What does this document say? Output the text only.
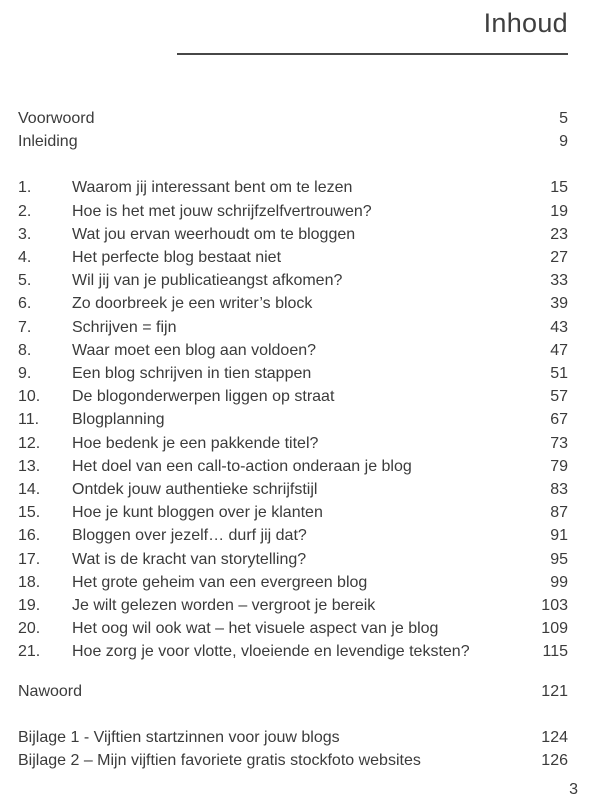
Inhoud
Voorwoord	5
Inleiding	9
1.	Waarom jij interessant bent om te lezen	15
2.	Hoe is het met jouw schrijfzelfvertrouwen?	19
3.	Wat jou ervan weerhoudt om te bloggen	23
4.	Het perfecte blog bestaat niet	27
5.	Wil jij van je publicatieangst afkomen?	33
6.	Zo doorbreek je een writer’s block	39
7.	Schrijven = fijn	43
8.	Waar moet een blog aan voldoen?	47
9.	Een blog schrijven in tien stappen	51
10.	De blogonderwerpen liggen op straat	57
11.	Blogplanning	67
12.	Hoe bedenk je een pakkende titel?	73
13.	Het doel van een call-to-action onderaan je blog	79
14.	Ontdek jouw authentieke schrijfstijl	83
15.	Hoe je kunt bloggen over je klanten	87
16.	Bloggen over jezelf… durf jij dat?	91
17.	Wat is de kracht van storytelling?	95
18.	Het grote geheim van een evergreen blog	99
19.	Je wilt gelezen worden – vergroot je bereik	103
20.	Het oog wil ook wat – het visuele aspect van je blog	109
21.	Hoe zorg je voor vlotte, vloeiende en levendige teksten?	115
Nawoord	121
Bijlage 1 - Vijftien startzinnen voor jouw blogs	124
Bijlage 2 – Mijn vijftien favoriete gratis stockfoto websites	126
3
